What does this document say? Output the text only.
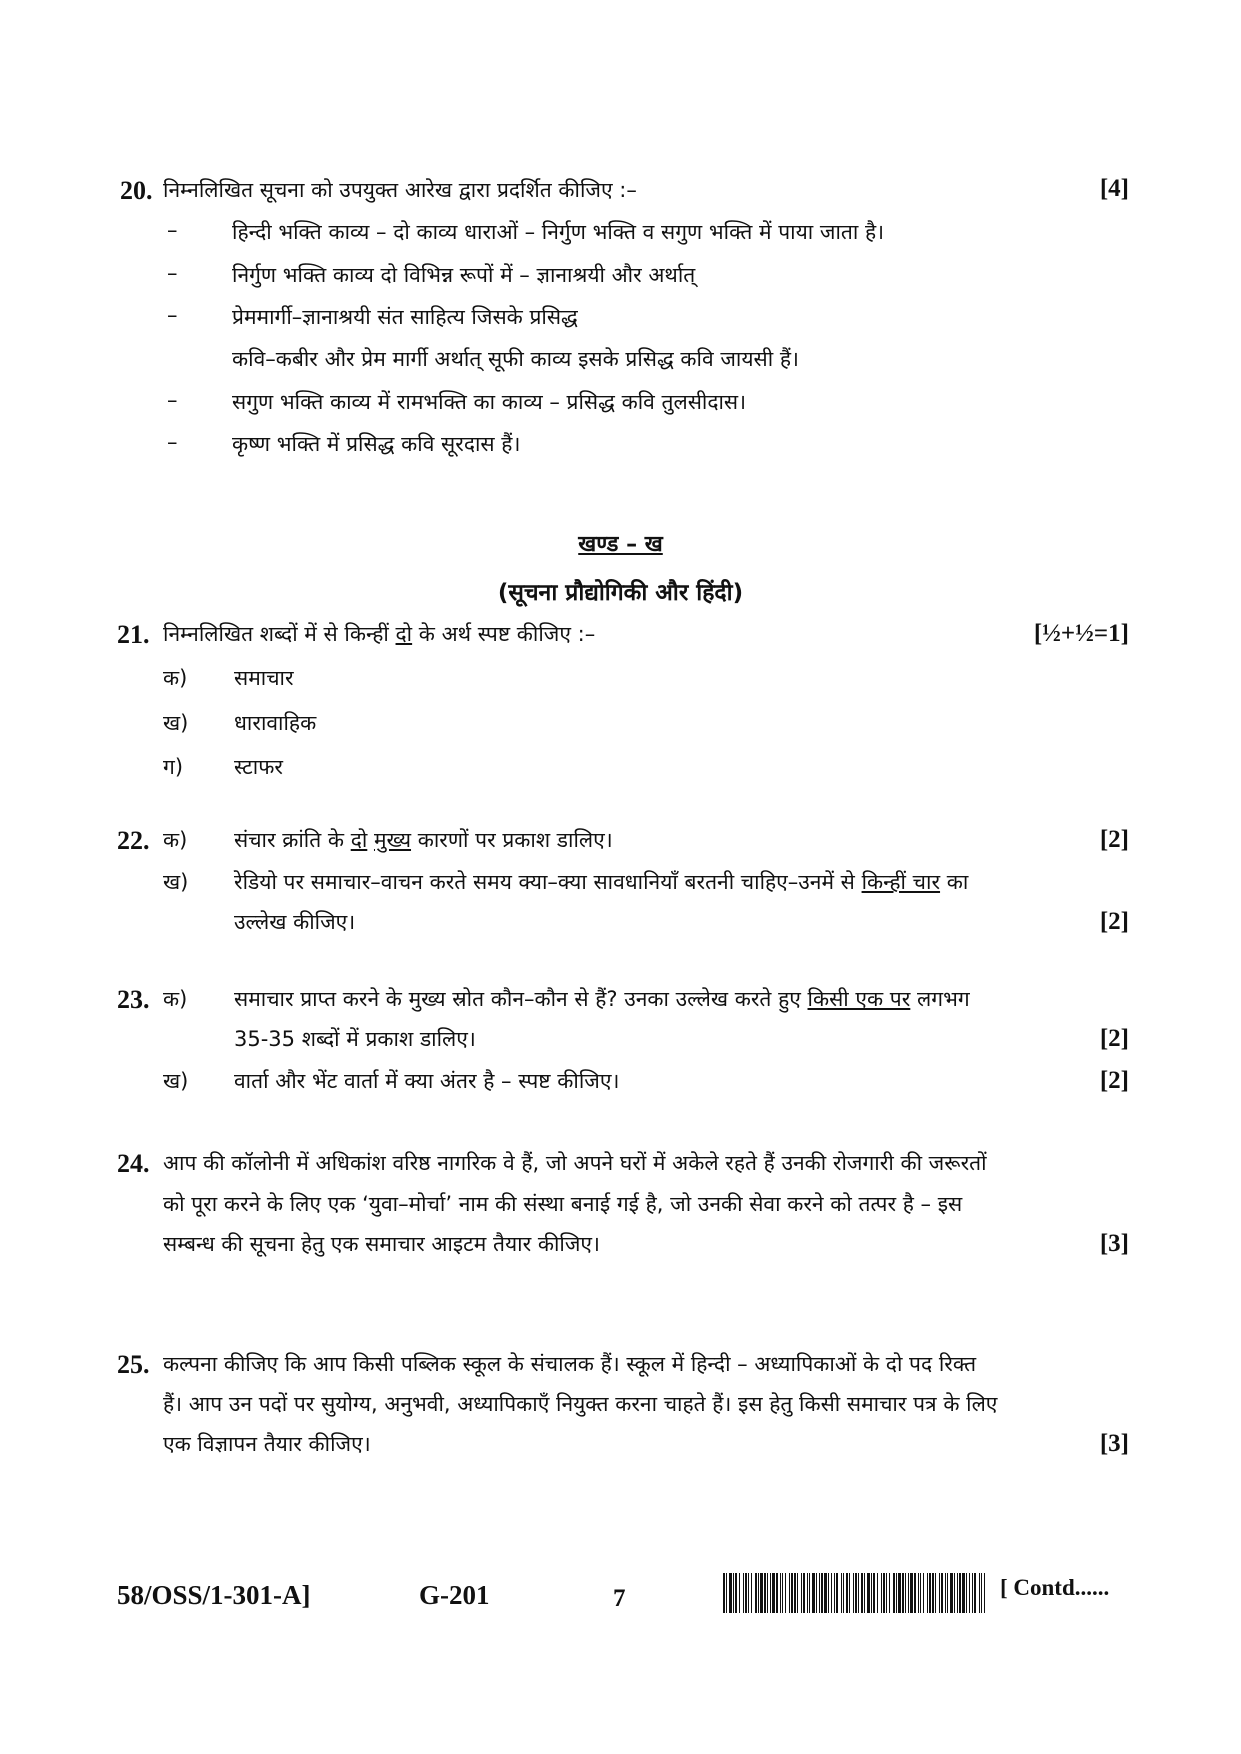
20. निम्नलिखित सूचना को उपयुक्त आरेख द्वारा प्रदर्शित कीजिए :–	[4]
–	हिन्दी भक्ति काव्य – दो काव्य धाराओं – निर्गुण भक्ति व सगुण भक्ति में पाया जाता है।
–	निर्गुण भक्ति काव्य दो विभिन्न रूपों में – ज्ञानाश्रयी और अर्थात्
–	प्रेममार्गी–ज्ञानाश्रयी संत साहित्य जिसके प्रसिद्ध
कवि–कबीर और प्रेम मार्गी अर्थात् सूफी काव्य इसके प्रसिद्ध कवि जायसी हैं।
–	सगुण भक्ति काव्य में रामभक्ति का काव्य – प्रसिद्ध कवि तुलसीदास।
–	कृष्ण भक्ति में प्रसिद्ध कवि सूरदास हैं।
खण्ड – ख
(सूचना प्रौद्योगिकी और हिंदी)
21. निम्नलिखित शब्दों में से किन्हीं दो के अर्थ स्पष्ट कीजिए :–	[½+½=1]
क) समाचार
ख) धारावाहिक
ग) स्टाफर
22. क) संचार क्रांति के दो मुख्य कारणों पर प्रकाश डालिए।	[2]
ख) रेडियो पर समाचार–वाचन करते समय क्या–क्या सावधानियाँ बरतनी चाहिए–उनमें से किन्हीं चार का
उल्लेख कीजिए।	[2]
23. क) समाचार प्राप्त करने के मुख्य स्रोत कौन–कौन से हैं? उनका उल्लेख करते हुए किसी एक पर लगभग
35-35 शब्दों में प्रकाश डालिए।	[2]
ख) वार्ता और भेंट वार्ता में क्या अंतर है – स्पष्ट कीजिए।	[2]
24. आप की कॉलोनी में अधिकांश वरिष्ठ नागरिक वे हैं, जो अपने घरों में अकेले रहते हैं उनकी रोजगारी की जरूरतों
को पूरा करने के लिए एक ‘युवा–मोर्चा’ नाम की संस्था बनाई गई है, जो उनकी सेवा करने को तत्पर है – इस
सम्बन्ध की सूचना हेतु एक समाचार आइटम तैयार कीजिए।	[3]
25. कल्पना कीजिए कि आप किसी पब्लिक स्कूल के संचालक हैं। स्कूल में हिन्दी – अध्यापिकाओं के दो पद रिक्त
हैं। आप उन पदों पर सुयोग्य, अनुभवी, अध्यापिकाएँ नियुक्त करना चाहते हैं। इस हेतु किसी समाचार पत्र के लिए
एक विज्ञापन तैयार कीजिए।	[3]
58/OSS/1-301-A]	G-201	7	[ Contd......
